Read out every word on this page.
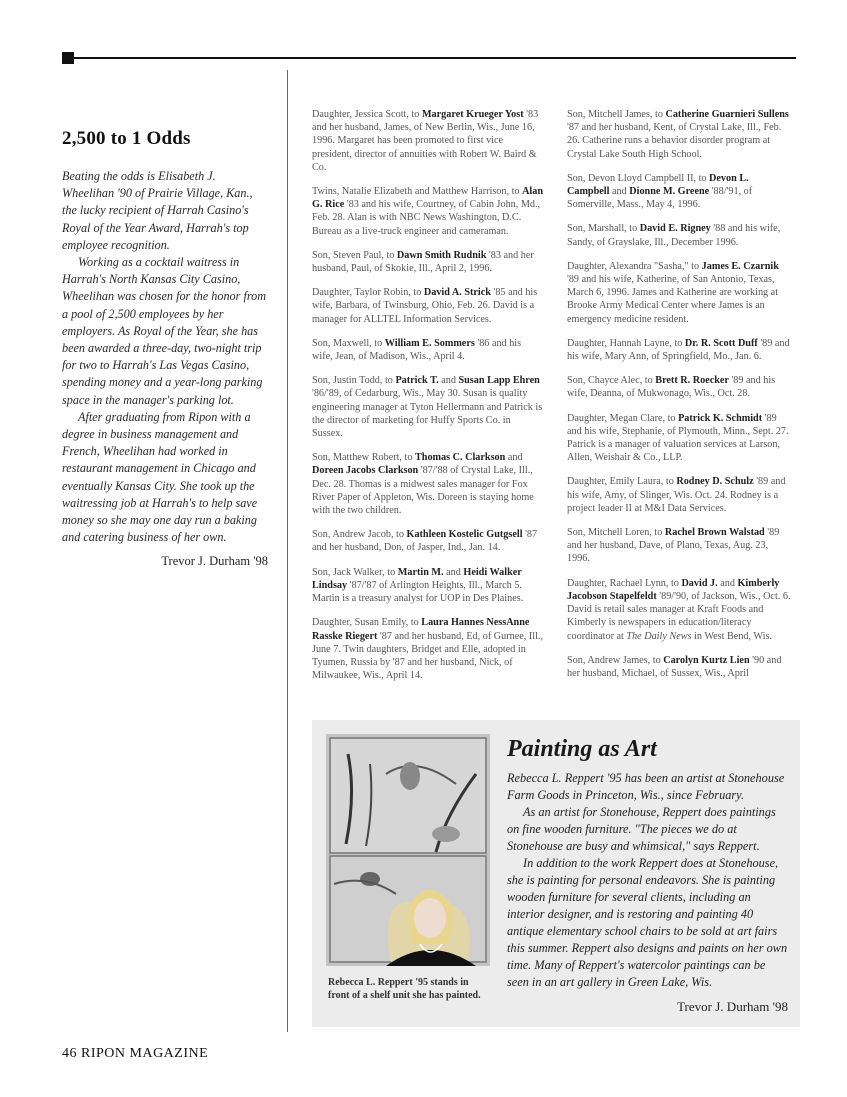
2,500 to 1 Odds

Beating the odds is Elisabeth J. Wheelihan '90 of Prairie Village, Kan., the lucky recipient of Harrah Casino's Royal of the Year Award, Harrah's top employee recognition.

Working as a cocktail waitress in Harrah's North Kansas City Casino, Wheelihan was chosen for the honor from a pool of 2,500 employees by her employers. As Royal of the Year, she has been awarded a three-day, two-night trip for two to Harrah's Las Vegas Casino, spending money and a year-long parking space in the manager's parking lot.

After graduating from Ripon with a degree in business management and French, Wheelihan had worked in restaurant management in Chicago and eventually Kansas City. She took up the waitressing job at Harrah's to help save money so she may one day run a baking and catering business of her own.

Trevor J. Durham '98

Daughter, Jessica Scott, to Margaret Krueger Yost '83 and her husband, James, of New Berlin, Wis., June 16, 1996. Margaret has been promoted to first vice president, director of annuities with Robert W. Baird & Co.

Twins, Natalie Elizabeth and Matthew Harrison, to Alan G. Rice '83 and his wife, Courtney, of Cabin John, Md., Feb. 28. Alan is with NBC News Washington, D.C. Bureau as a live-truck engineer and cameraman.

Son, Steven Paul, to Dawn Smith Rudnik '83 and her husband, Paul, of Skokie, Ill., April 2, 1996.

Daughter, Taylor Robin, to David A. Strick '85 and his wife, Barbara, of Twinsburg, Ohio, Feb. 26. David is a manager for ALLTEL Information Services.

Son, Maxwell, to William E. Sommers '86 and his wife, Jean, of Madison, Wis., April 4.

Son, Justin Todd, to Patrick T. and Susan Lapp Ehren '86/'89, of Cedarburg, Wis., May 30. Susan is quality engineering manager at Tyton Hellermann and Patrick is the director of marketing for Huffy Sports Co. in Sussex.

Son, Matthew Robert, to Thomas C. Clarkson and Doreen Jacobs Clarkson '87/'88 of Crystal Lake, Ill., Dec. 28. Thomas is a midwest sales manager for Fox River Paper of Appleton, Wis. Doreen is staying home with the two children.

Son, Andrew Jacob, to Kathleen Kostelic Gutgsell '87 and her husband, Don, of Jasper, Ind., Jan. 14.

Son, Jack Walker, to Martin M. and Heidi Walker Lindsay '87/'87 of Arlington Heights, Ill., March 5. Martin is a treasury analyst for UOP in Des Plaines.

Daughter, Susan Emily, to Laura Hannes NessAnne Rasske Riegert '87 and her husband, Ed, of Gurnee, Ill., June 7. Twin daughters, Bridget and Elle, adopted in Tyumen, Russia by '87 and her husband, Nick, of Milwaukee, Wis., April 14.

Son, Mitchell James, to Catherine Guarnieri Sullens '87 and her husband, Kent, of Crystal Lake, Ill., Feb. 26. Catherine runs a behavior disorder program at Crystal Lake South High School.

Son, Devon Lloyd Campbell II, to Devon L. Campbell and Dionne M. Greene '88/'91, of Somerville, Mass., May 4, 1996.

Son, Marshall, to David E. Rigney '88 and his wife, Sandy, of Grayslake, Ill., December 1996.

Daughter, Alexandra "Sasha," to James E. Czarnik '89 and his wife, Katherine, of San Antonio, Texas, March 6, 1996. James and Katherine are working at Brooke Army Medical Center where James is an emergency medicine resident.

Daughter, Hannah Layne, to Dr. R. Scott Duff '89 and his wife, Mary Ann, of Springfield, Mo., Jan. 6.

Son, Chayce Alec, to Brett R. Roecker '89 and his wife, Deanna, of Mukwonago, Wis., Oct. 28.

Daughter, Megan Clare, to Patrick K. Schmidt '89 and his wife, Stephanie, of Plymouth, Minn., Sept. 27. Patrick is a manager of valuation services at Larson, Allen, Weishair & Co., LLP.

Daughter, Emily Laura, to Rodney D. Schulz '89 and his wife, Amy, of Slinger, Wis. Oct. 24. Rodney is a project leader II at M&I Data Services.

Son, Mitchell Loren, to Rachel Brown Walstad '89 and her husband, Dave, of Plano, Texas, Aug. 23, 1996.

Daughter, Rachael Lynn, to David J. and Kimberly Jacobson Stapelfeldt '89/'90, of Jackson, Wis., Oct. 6. David is retail sales manager at Kraft Foods and Kimberly is newspapers in education/literacy coordinator at The Daily News in West Bend, Wis.

Son, Andrew James, to Carolyn Kurtz Lien '90 and her husband, Michael, of Sussex, Wis., April

Rebecca L. Reppert '95 stands in front of a shelf unit she has painted.
Painting as Art

Rebecca L. Reppert '95 has been an artist at Stonehouse Farm Goods in Princeton, Wis., since February.

As an artist for Stonehouse, Reppert does paintings on fine wooden furniture. "The pieces we do at Stonehouse are busy and whimsical," says Reppert.

In addition to the work Reppert does at Stonehouse, she is painting for personal endeavors. She is painting wooden furniture for several clients, including an interior designer, and is restoring and painting 40 antique elementary school chairs to be sold at art fairs this summer. Reppert also designs and paints on her own time. Many of Reppert's watercolor paintings can be seen in an art gallery in Green Lake, Wis.

Trevor J. Durham '98
46 RIPON MAGAZINE
